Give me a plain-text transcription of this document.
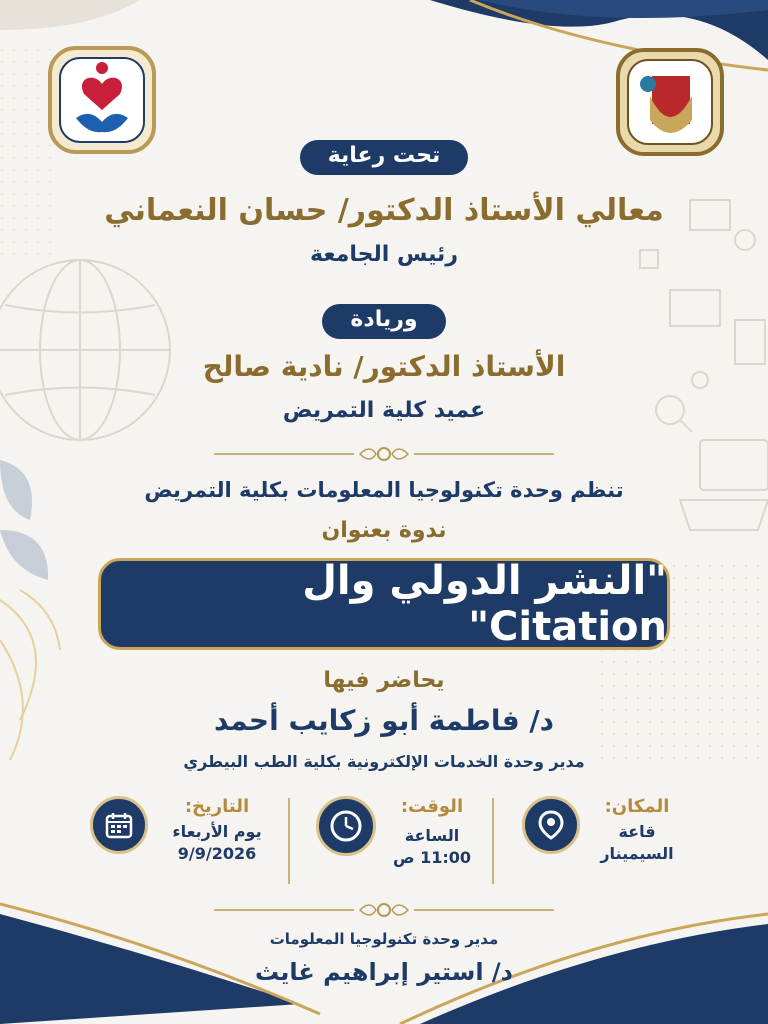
تحت رعاية
معالي الأستاذ الدكتور/ حسان النعماني
رئيس الجامعة
وريادة
الأستاذ الدكتور/ نادية صالح
عميد كلية التمريض
تنظم وحدة تكنولوجيا المعلومات بكلية التمريض
ندوة بعنوان
"النشر الدولي وال Citation"
يحاضر فيها
د/ فاطمة أبو زكايب أحمد
مدير وحدة الخدمات الإلكترونية بكلية الطب البيطري
المكان:
قاعة
السيمينار
الوقت:
الساعة
11:00 ص
التاريخ:
يوم الأربعاء
9/9/2026
مدير وحدة تكنولوجيا المعلومات
د/ استير إبراهيم غايث
